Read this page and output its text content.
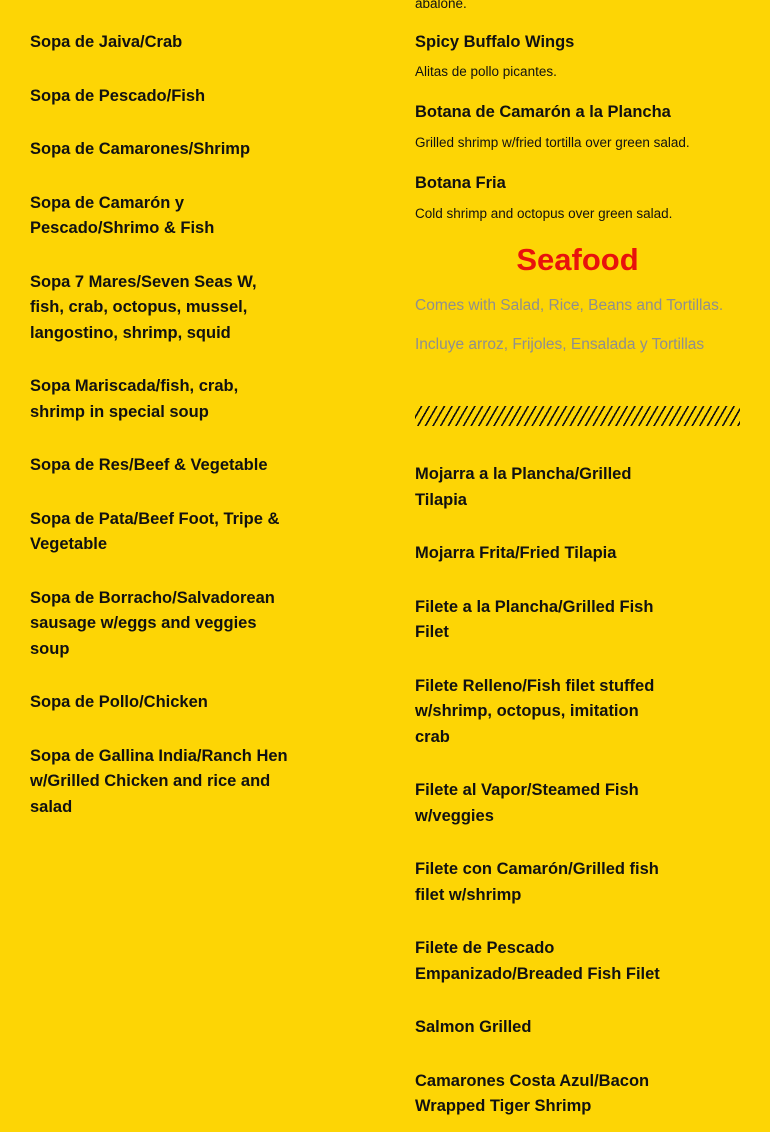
Sopa de Jaiva/Crab

Sopa de Pescado/Fish

Sopa de Camarones/Shrimp

Sopa de Camarón y Pescado/Shrimo & Fish

Sopa 7 Mares/Seven Seas W, fish, crab, octopus, mussel, langostino, shrimp, squid

Sopa Mariscada/fish, crab, shrimp in special soup

Sopa de Res/Beef & Vegetable

Sopa de Pata/Beef Foot, Tripe & Vegetable

Sopa de Borracho/Salvadorean sausage w/eggs and veggies soup

Sopa de Pollo/Chicken

Sopa de Gallina India/Ranch Hen w/Grilled Chicken and rice and salad

abalone.

Spicy Buffalo Wings

Alitas de pollo picantes.

Botana de Camarón a la Plancha

Grilled shrimp w/fried tortilla over green salad.

Botana Fria

Cold shrimp and octopus over green salad.

Seafood

Comes with Salad, Rice, Beans and Tortillas.

Incluye arroz, Frijoles, Ensalada y Tortillas

Mojarra a la Plancha/Grilled Tilapia

Mojarra Frita/Fried Tilapia

Filete a la Plancha/Grilled Fish Filet

Filete Relleno/Fish filet stuffed w/shrimp, octopus, imitation crab

Filete al Vapor/Steamed Fish w/veggies

Filete con Camarón/Grilled fish filet w/shrimp

Filete de Pescado Empanizado/Breaded Fish Filet

Salmon Grilled

Camarones Costa Azul/Bacon Wrapped Tiger Shrimp
